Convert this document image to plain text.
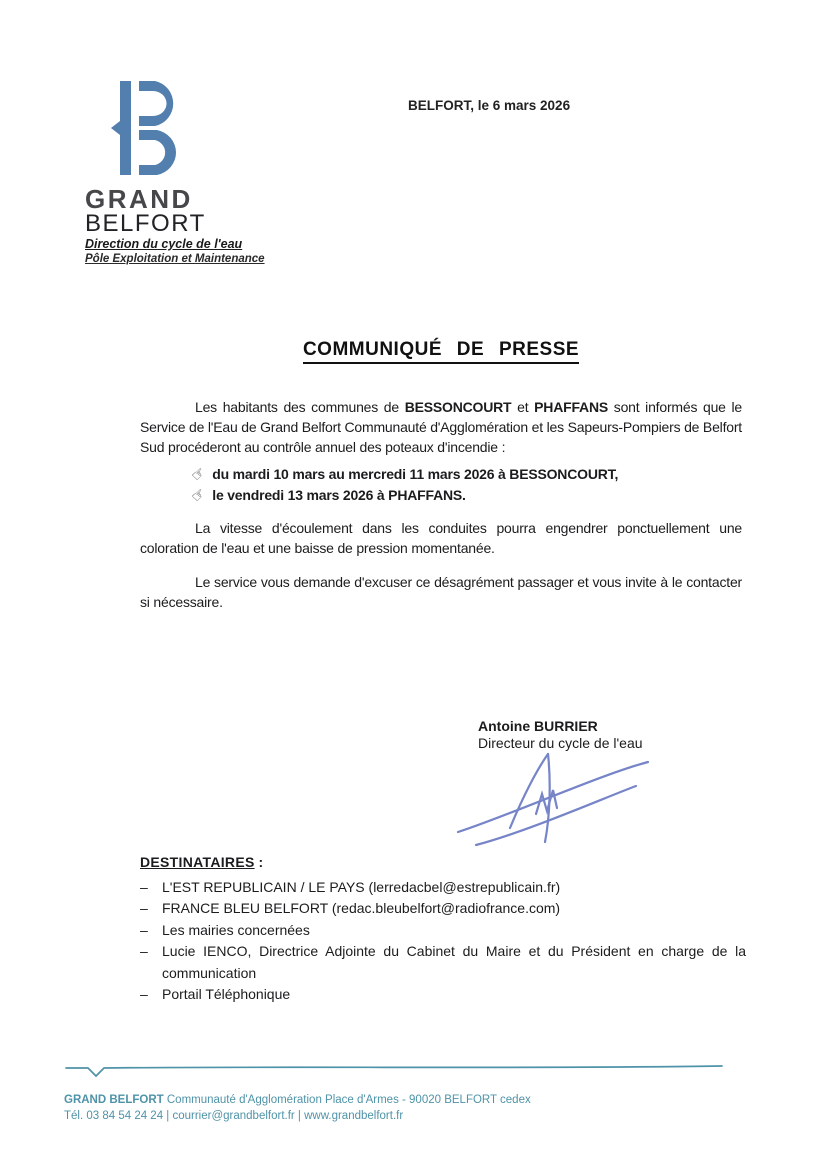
BELFORT, le 6 mars 2026
GRAND
BELFORT
Direction du cycle de l'eau
Pôle Exploitation et Maintenance
COMMUNIQUÉ DE PRESSE

Les habitants des communes de BESSONCOURT et PHAFFANS sont informés que le Service de l'Eau de Grand Belfort Communauté d'Agglomération et les Sapeurs-Pompiers de Belfort Sud procéderont au contrôle annuel des poteaux d'incendie :

☞ du mardi 10 mars au mercredi 11 mars 2026 à BESSONCOURT,
☞ le vendredi 13 mars 2026 à PHAFFANS.

La vitesse d'écoulement dans les conduites pourra engendrer ponctuellement une coloration de l'eau et une baisse de pression momentanée.

Le service vous demande d'excuser ce désagrément passager et vous invite à le contacter si nécessaire.

Antoine BURRIER
Directeur du cycle de l'eau
DESTINATAIRES :
–	L'EST REPUBLICAIN / LE PAYS (lerredacbel@estrepublicain.fr)
–	FRANCE BLEU BELFORT (redac.bleubelfort@radiofrance.com)
–	Les mairies concernées
–	Lucie IENCO, Directrice Adjointe du Cabinet du Maire et du Président en charge de la communication
–	Portail Téléphonique
GRAND BELFORT Communauté d'Agglomération Place d'Armes - 90020 BELFORT cedex
Tél. 03 84 54 24 24 | courrier@grandbelfort.fr | www.grandbelfort.fr
